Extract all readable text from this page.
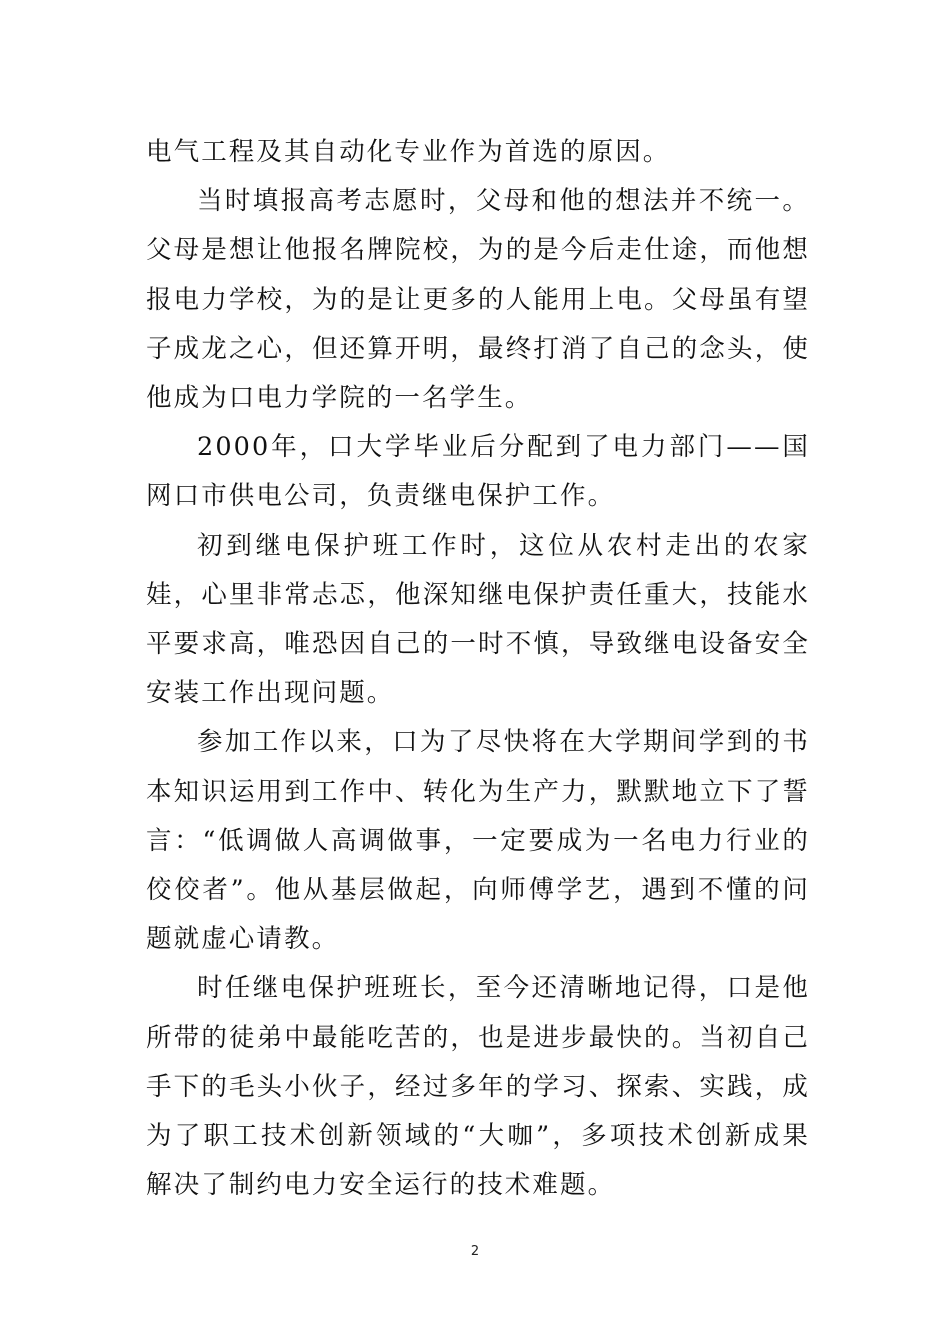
电气工程及其自动化专业作为首选的原因。

当时填报高考志愿时，父母和他的想法并不统一。父母是想让他报名牌院校，为的是今后走仕途，而他想报电力学校，为的是让更多的人能用上电。父母虽有望子成龙之心，但还算开明，最终打消了自己的念头，使他成为口电力学院的一名学生。

2000年，口大学毕业后分配到了电力部门——国网口市供电公司，负责继电保护工作。

初到继电保护班工作时，这位从农村走出的农家娃，心里非常忐忑，他深知继电保护责任重大，技能水平要求高，唯恐因自己的一时不慎，导致继电设备安全安装工作出现问题。

参加工作以来，口为了尽快将在大学期间学到的书本知识运用到工作中、转化为生产力，默默地立下了誓言：“低调做人高调做事，一定要成为一名电力行业的佼佼者”。他从基层做起，向师傅学艺，遇到不懂的问题就虚心请教。

时任继电保护班班长，至今还清晰地记得，口是他所带的徒弟中最能吃苦的，也是进步最快的。当初自己手下的毛头小伙子，经过多年的学习、探索、实践，成为了职工技术创新领域的“大咖”，多项技术创新成果解决了制约电力安全运行的技术难题。

2
